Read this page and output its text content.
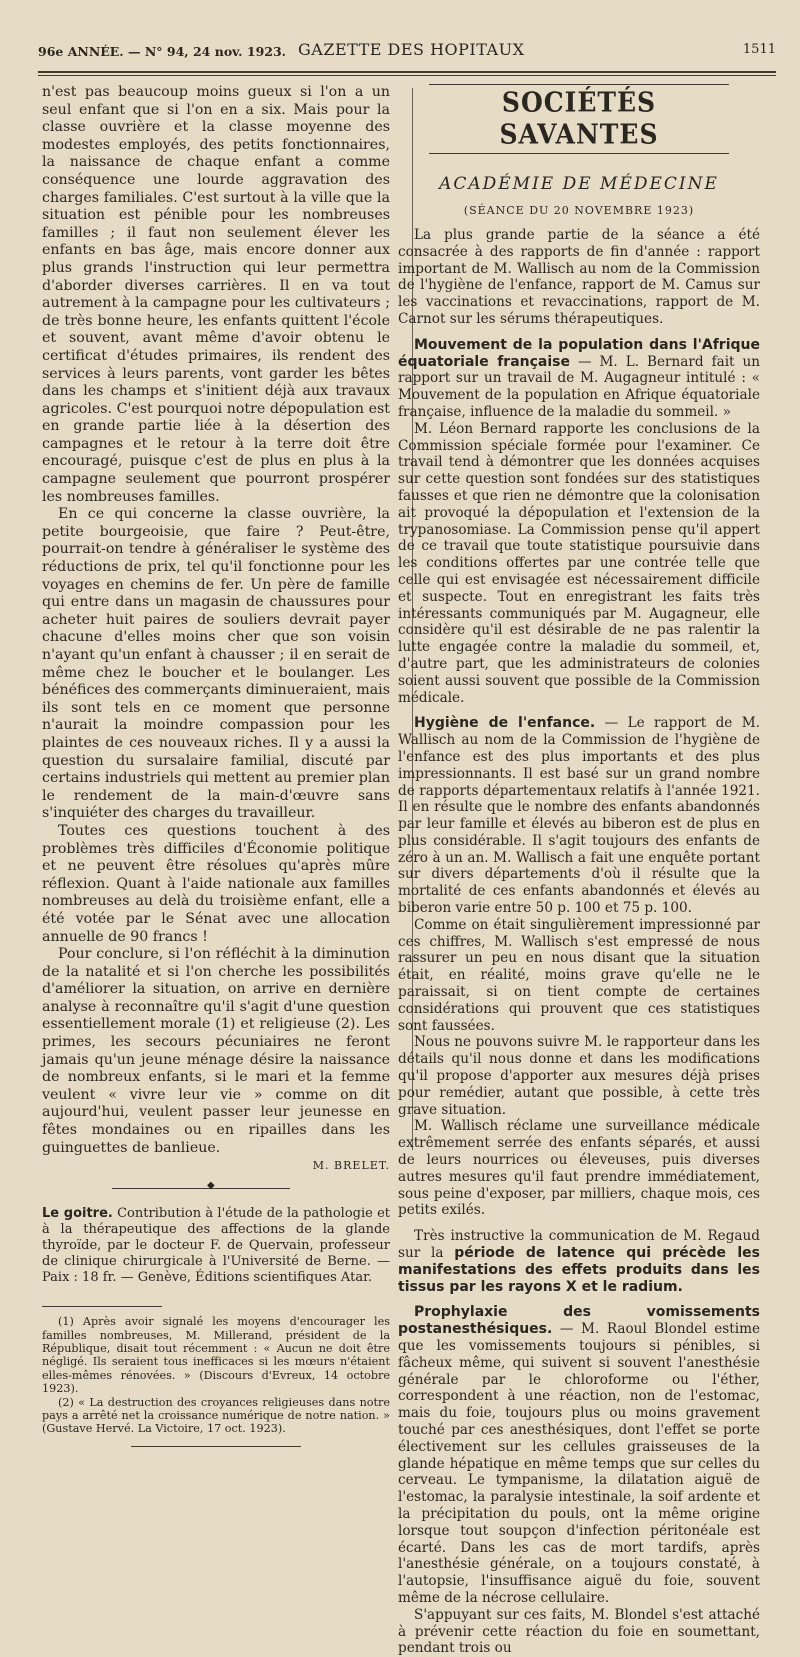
96e ANNÉE. — N° 94, 24 nov. 1923. GAZETTE DES HOPITAUX	1511

n'est pas beaucoup moins gueux si l'on a un seul enfant que si l'on en a six. Mais pour la classe ouvrière et la classe moyenne des modestes employés, des petits fonctionnaires, la naissance de chaque enfant a comme conséquence une lourde aggravation des charges familiales. C'est surtout à la ville que la situation est pénible pour les nombreuses familles ; il faut non seulement élever les enfants en bas âge, mais encore donner aux plus grands l'instruction qui leur permettra d'aborder diverses carrières. Il en va tout autrement à la campagne pour les cultivateurs ; de très bonne heure, les enfants quittent l'école et souvent, avant même d'avoir obtenu le certificat d'études primaires, ils rendent des services à leurs parents, vont garder les bêtes dans les champs et s'initient déjà aux travaux agricoles. C'est pourquoi notre dépopulation est en grande partie liée à la désertion des campagnes et le retour à la terre doit être encouragé, puisque c'est de plus en plus à la campagne seulement que pourront prospérer les nombreuses familles.

En ce qui concerne la classe ouvrière, la petite bourgeoisie, que faire ? Peut-être, pourrait-on tendre à généraliser le système des réductions de prix, tel qu'il fonctionne pour les voyages en chemins de fer. Un père de famille qui entre dans un magasin de chaussures pour acheter huit paires de souliers devrait payer chacune d'elles moins cher que son voisin n'ayant qu'un enfant à chausser ; il en serait de même chez le boucher et le boulanger. Les bénéfices des commerçants diminueraient, mais ils sont tels en ce moment que personne n'aurait la moindre compassion pour les plaintes de ces nouveaux riches. Il y a aussi la question du sursalaire familial, discuté par certains industriels qui mettent au premier plan le rendement de la main-d'œuvre sans s'inquiéter des charges du travailleur.

Toutes ces questions touchent à des problèmes très difficiles d'Économie politique et ne peuvent être résolues qu'après mûre réflexion. Quant à l'aide nationale aux familles nombreuses au delà du troisième enfant, elle a été votée par le Sénat avec une allocation annuelle de 90 francs !

Pour conclure, si l'on réfléchit à la diminution de la natalité et si l'on cherche les possibilités d'améliorer la situation, on arrive en dernière analyse à reconnaître qu'il s'agit d'une question essentiellement morale (1) et religieuse (2). Les primes, les secours pécuniaires ne feront jamais qu'un jeune ménage désire la naissance de nombreux enfants, si le mari et la femme veulent « vivre leur vie » comme on dit aujourd'hui, veulent passer leur jeunesse en fêtes mondaines ou en ripailles dans les guinguettes de banlieue.

M. BRELET.
◆

Le goitre. Contribution à l'étude de la pathologie et à la thérapeutique des affections de la glande thyroïde, par le docteur F. de Quervain, professeur de clinique chirurgicale à l'Université de Berne. — Paix : 18 fr. — Genève, Éditions scientifiques Atar.

(1) Après avoir signalé les moyens d'encourager les familles nombreuses, M. Millerand, président de la République, disait tout récemment : « Aucun ne doit être négligé. Ils seraient tous inefficaces si les mœurs n'étaient elles-mêmes rénovées. » (Discours d'Evreux, 14 octobre 1923).

(2) « La destruction des croyances religieuses dans notre pays a arrêté net la croissance numérique de notre nation. » (Gustave Hervé. La Victoire, 17 oct. 1923).

SOCIÉTÉS SAVANTES
ACADÉMIE DE MÉDECINE
(SÉANCE DU 20 NOVEMBRE 1923)

La plus grande partie de la séance a été consacrée à des rapports de fin d'année : rapport important de M. Wallisch au nom de la Commission de l'hygiène de l'enfance, rapport de M. Camus sur les vaccinations et revaccinations, rapport de M. Carnot sur les sérums thérapeutiques.

Mouvement de la population dans l'Afrique équatoriale française — M. L. Bernard fait un rapport sur un travail de M. Augagneur intitulé : « Mouvement de la population en Afrique équatoriale française, influence de la maladie du sommeil. »

M. Léon Bernard rapporte les conclusions de la Commission spéciale formée pour l'examiner. Ce travail tend à démontrer que les données acquises sur cette question sont fondées sur des statistiques fausses et que rien ne démontre que la colonisation ait provoqué la dépopulation et l'extension de la trypanosomiase. La Commission pense qu'il appert de ce travail que toute statistique poursuivie dans les conditions offertes par une contrée telle que celle qui est envisagée est nécessairement difficile et suspecte. Tout en enregistrant les faits très intéressants communiqués par M. Augagneur, elle considère qu'il est désirable de ne pas ralentir la lutte engagée contre la maladie du sommeil, et, d'autre part, que les administrateurs de colonies soient aussi souvent que possible de la Commission médicale.

Hygiène de l'enfance. — Le rapport de M. Wallisch au nom de la Commission de l'hygiène de l'enfance est des plus importants et des plus impressionnants. Il est basé sur un grand nombre de rapports départementaux relatifs à l'année 1921. Il en résulte que le nombre des enfants abandonnés par leur famille et élevés au biberon est de plus en plus considérable. Il s'agit toujours des enfants de zéro à un an. M. Wallisch a fait une enquête portant sur divers départements d'où il résulte que la mortalité de ces enfants abandonnés et élevés au biberon varie entre 50 p. 100 et 75 p. 100.

Comme on était singulièrement impressionné par ces chiffres, M. Wallisch s'est empressé de nous rassurer un peu en nous disant que la situation était, en réalité, moins grave qu'elle ne le paraissait, si on tient compte de certaines considérations qui prouvent que ces statistiques sont faussées.

Nous ne pouvons suivre M. le rapporteur dans les détails qu'il nous donne et dans les modifications qu'il propose d'apporter aux mesures déjà prises pour remédier, autant que possible, à cette très grave situation.

M. Wallisch réclame une surveillance médicale extrêmement serrée des enfants séparés, et aussi de leurs nourrices ou éleveuses, puis diverses autres mesures qu'il faut prendre immédiatement, sous peine d'exposer, par milliers, chaque mois, ces petits exilés.

Très instructive la communication de M. Regaud sur la période de latence qui précède les manifestations des effets produits dans les tissus par les rayons X et le radium.

Prophylaxie des vomissements postanesthésiques. — M. Raoul Blondel estime que les vomissements toujours si pénibles, si fâcheux même, qui suivent si souvent l'anesthésie générale par le chloroforme ou l'éther, correspondent à une réaction, non de l'estomac, mais du foie, toujours plus ou moins gravement touché par ces anesthésiques, dont l'effet se porte électivement sur les cellules graisseuses de la glande hépatique en même temps que sur celles du cerveau. Le tympanisme, la dilatation aiguë de l'estomac, la paralysie intestinale, la soif ardente et la précipitation du pouls, ont la même origine lorsque tout soupçon d'infection péritonéale est écarté. Dans les cas de mort tardifs, après l'anesthésie générale, on a toujours constaté, à l'autopsie, l'insuffisance aiguë du foie, souvent même de la nécrose cellulaire.

S'appuyant sur ces faits, M. Blondel s'est attaché à prévenir cette réaction du foie en soumettant, pendant trois ou
